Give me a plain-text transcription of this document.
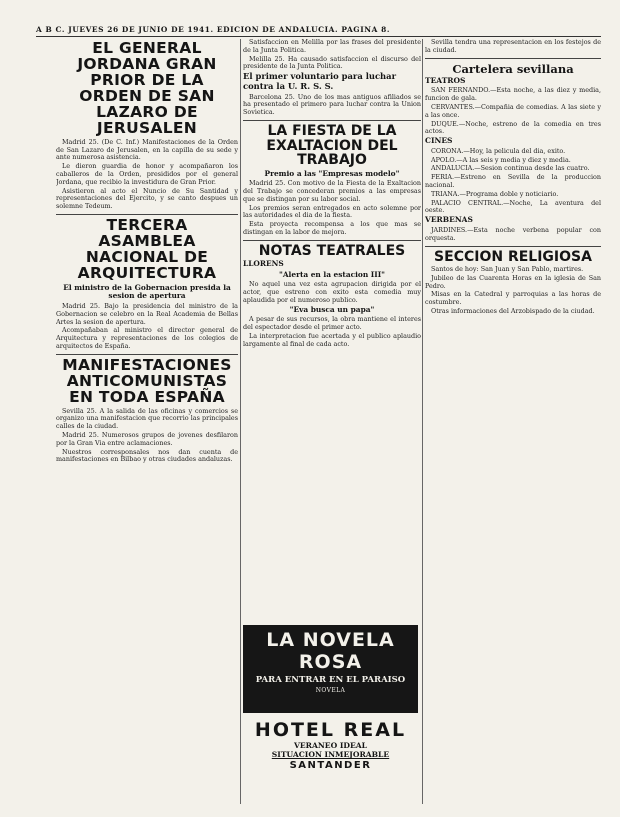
A B C. JUEVES 26 DE JUNIO DE 1941. EDICION DE ANDALUCIA. PAGINA 8.
EL GENERAL JORDANA GRAN PRIOR DE LA ORDEN DE SAN LAZARO DE JERUSALEN

Madrid 25. (De C. Inf.) Manifestaciones de la Orden de San Lazaro de Jerusalen, en la capilla de su sede y ante numerosa asistencia.

Le dieron guardia de honor y acompañaron los caballeros de la Orden, presididos por el general Jordana, que recibio la investidura de Gran Prior.

Asistieron al acto el Nuncio de Su Santidad y representaciones del Ejercito, y se canto despues un solemne Tedeum.

TERCERA ASAMBLEA NACIONAL DE ARQUITECTURA
El ministro de la Gobernacion presida la sesion de apertura

Madrid 25. Bajo la presidencia del ministro de la Gobernacion se celebro en la Real Academia de Bellas Artes la sesion de apertura.

Acompañaban al ministro el director general de Arquitectura y representaciones de los colegios de arquitectos de España.

MANIFESTACIONES ANTICOMUNISTAS EN TODA ESPAÑA

Sevilla 25. A la salida de las oficinas y comercios se organizo una manifestacion que recorrio las principales calles de la ciudad.

Madrid 25. Numerosos grupos de jovenes desfilaron por la Gran Via entre aclamaciones.

Nuestros corresponsales nos dan cuenta de manifestaciones en Bilbao y otras ciudades andaluzas.

Satisfaccion en Melilla por las frases del presidente de la Junta Politica.

Melilla 25. Ha causado satisfaccion el discurso del presidente de la Junta Politica.

El primer voluntario para luchar contra la U. R. S. S.

Barcelona 25. Uno de los mas antiguos afiliados se ha presentado el primero para luchar contra la Union Sovietica.

LA FIESTA DE LA EXALTACION DEL TRABAJO
Premio a las "Empresas modelo"

Madrid 25. Con motivo de la Fiesta de la Exaltacion del Trabajo se concederan premios a las empresas que se distingan por su labor social.

Los premios seran entregados en acto solemne por las autoridades el dia de la fiesta.

Esta proyecta recompensa a los que mas se distingan en la labor de mejora.

NOTAS TEATRALES
LLORENS
"Alerta en la estacion III"

No aquel una vez esta agrupacion dirigida por el actor, que estreno con exito esta comedia muy aplaudida por el numeroso publico.

"Eva busca un papa"

A pesar de sus recursos, la obra mantiene el interes del espectador desde el primer acto.

La interpretacion fue acertada y el publico aplaudio largamente al final de cada acto.

LA NOVELA ROSA
PARA ENTRAR EN EL PARAISO
NOVELA
HOTEL REAL
VERANEO IDEAL
SITUACION INMEJORABLE
SANTANDER

Sevilla tendra una representacion en los festejos de la ciudad.

Cartelera sevillana
TEATROS

SAN FERNANDO.—Esta noche, a las diez y media, funcion de gala.

CERVANTES.—Compañia de comedias. A las siete y a las once.

DUQUE.—Noche, estreno de la comedia en tres actos.

CINES

CORONA.—Hoy, la pelicula del dia, exito.

APOLO.—A las seis y media y diez y media.

ANDALUCIA.—Sesion continua desde las cuatro.

FERIA.—Estreno en Sevilla de la produccion nacional.

TRIANA.—Programa doble y noticiario.

PALACIO CENTRAL.—Noche, La aventura del oeste.

VERBENAS

JARDINES.—Esta noche verbena popular con orquesta.

SECCION RELIGIOSA

Santos de hoy: San Juan y San Pablo, martires.

Jubileo de las Cuarenta Horas en la iglesia de San Pedro.

Misas en la Catedral y parroquias a las horas de costumbre.

Otras informaciones del Arzobispado de la ciudad.
